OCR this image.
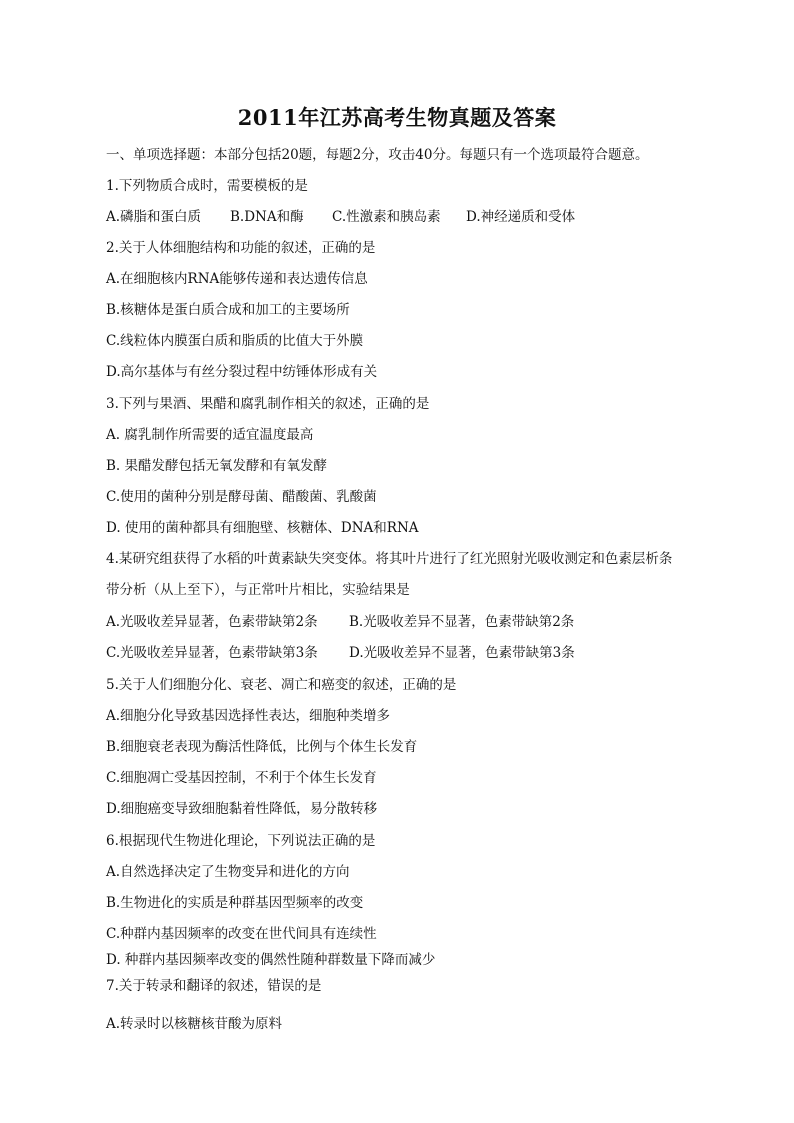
2011年江苏高考生物真题及答案
一、单项选择题：本部分包括20题，每题2分，攻击40分。每题只有一个选项最符合题意。
1.下列物质合成时，需要模板的是
A.磷脂和蛋白质 B.DNA和酶 C.性激素和胰岛素 D.神经递质和受体
2.关于人体细胞结构和功能的叙述，正确的是
A.在细胞核内RNA能够传递和表达遗传信息
B.核糖体是蛋白质合成和加工的主要场所
C.线粒体内膜蛋白质和脂质的比值大于外膜
D.高尔基体与有丝分裂过程中纺锤体形成有关
3.下列与果酒、果醋和腐乳制作相关的叙述，正确的是
A. 腐乳制作所需要的适宜温度最高
B. 果醋发酵包括无氧发酵和有氧发酵
C.使用的菌种分别是酵母菌、醋酸菌、乳酸菌
D. 使用的菌种都具有细胞壁、核糖体、DNA和RNA
4.某研究组获得了水稻的叶黄素缺失突变体。将其叶片进行了红光照射光吸收测定和色素层析条
带分析（从上至下），与正常叶片相比，实验结果是
A.光吸收差异显著，色素带缺第2条 B.光吸收差异不显著，色素带缺第2条
C.光吸收差异显著，色素带缺第3条 D.光吸收差异不显著，色素带缺第3条
5.关于人们细胞分化、衰老、凋亡和癌变的叙述，正确的是
A.细胞分化导致基因选择性表达，细胞种类增多
B.细胞衰老表现为酶活性降低，比例与个体生长发育
C.细胞凋亡受基因控制，不利于个体生长发育
D.细胞癌变导致细胞黏着性降低，易分散转移
6.根据现代生物进化理论，下列说法正确的是
A.自然选择决定了生物变异和进化的方向
B.生物进化的实质是种群基因型频率的改变
C.种群内基因频率的改变在世代间具有连续性
D. 种群内基因频率改变的偶然性随种群数量下降而减少
7.关于转录和翻译的叙述，错误的是
A.转录时以核糖核苷酸为原料
